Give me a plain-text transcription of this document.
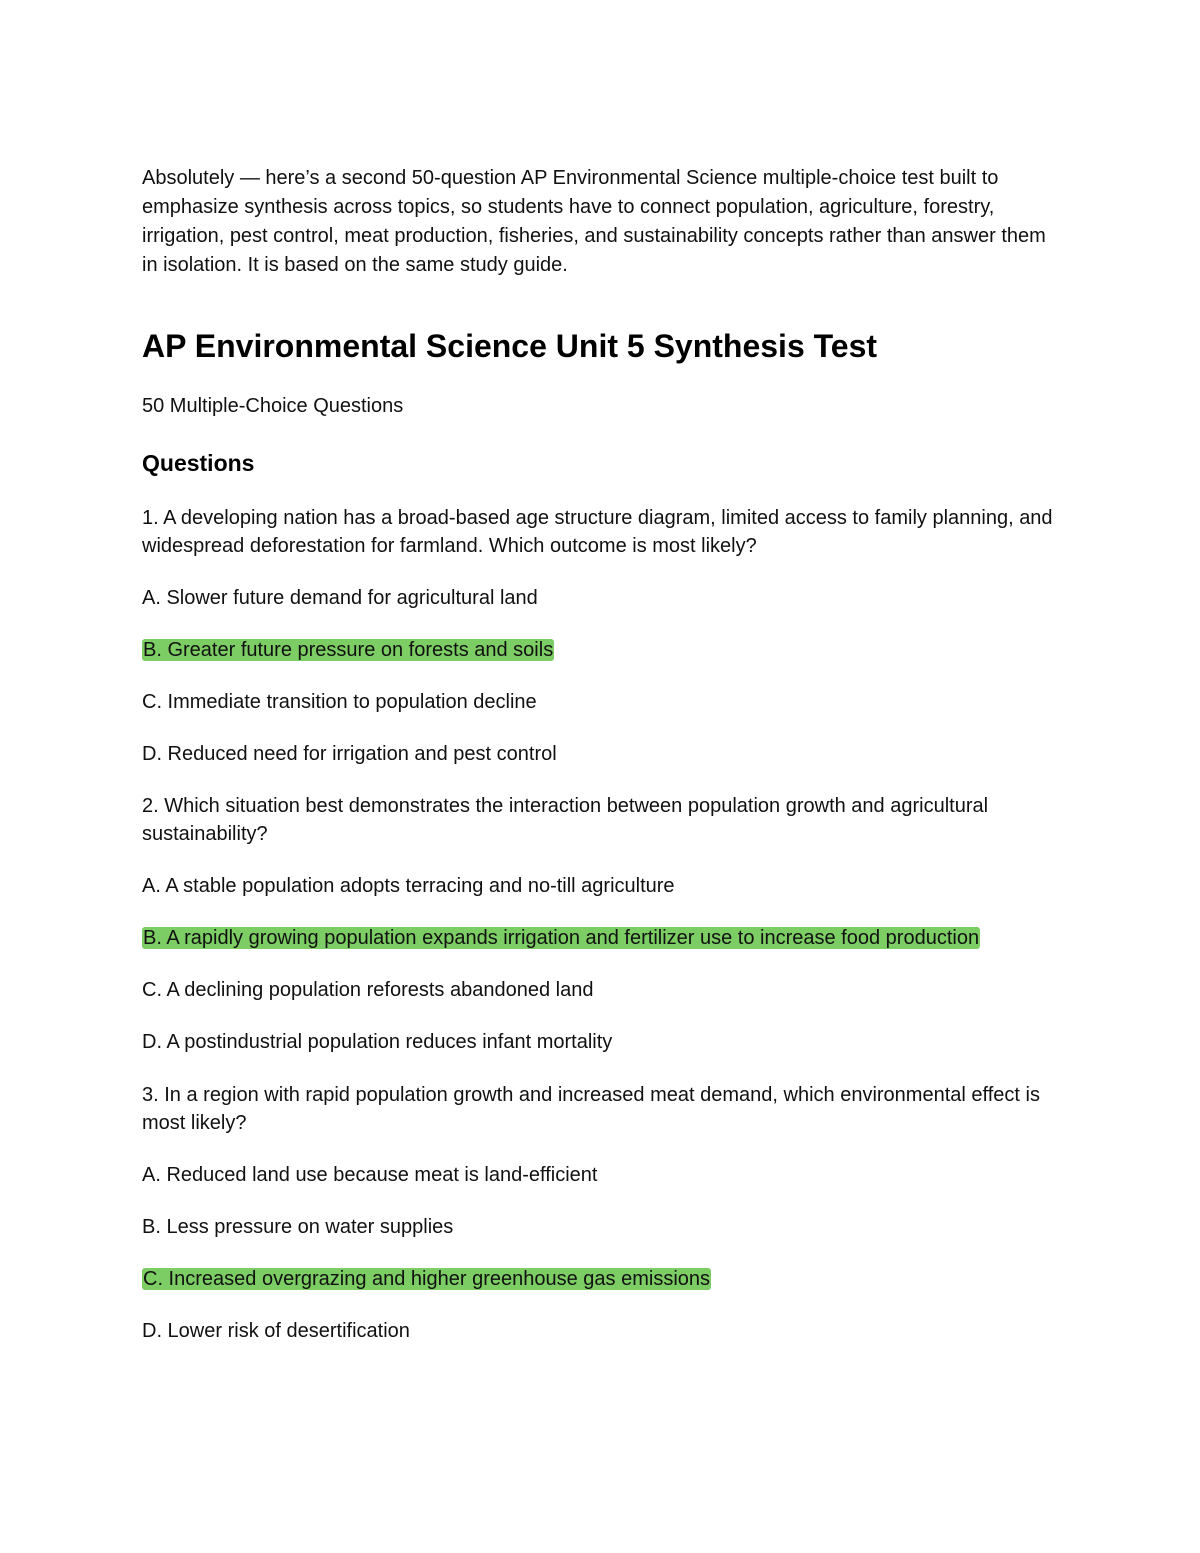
Absolutely — here’s a second 50-question AP Environmental Science multiple-choice test built to emphasize synthesis across topics, so students have to connect population, agriculture, forestry, irrigation, pest control, meat production, fisheries, and sustainability concepts rather than answer them in isolation. It is based on the same study guide.

AP Environmental Science Unit 5 Synthesis Test

50 Multiple-Choice Questions

Questions

1. A developing nation has a broad-based age structure diagram, limited access to family planning, and widespread deforestation for farmland. Which outcome is most likely?

A. Slower future demand for agricultural land

B. Greater future pressure on forests and soils

C. Immediate transition to population decline

D. Reduced need for irrigation and pest control

2. Which situation best demonstrates the interaction between population growth and agricultural sustainability?

A. A stable population adopts terracing and no-till agriculture

B. A rapidly growing population expands irrigation and fertilizer use to increase food production

C. A declining population reforests abandoned land

D. A postindustrial population reduces infant mortality

3. In a region with rapid population growth and increased meat demand, which environmental effect is most likely?

A. Reduced land use because meat is land-efficient

B. Less pressure on water supplies

C. Increased overgrazing and higher greenhouse gas emissions

D. Lower risk of desertification
